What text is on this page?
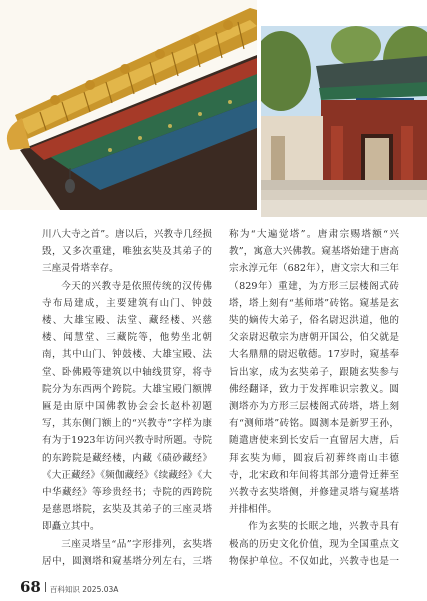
川八大寺之首”。唐以后，兴教寺几经损毁，又多次重建，唯独玄奘及其弟子的三座灵骨塔幸存。

今天的兴教寺是依照传统的汉传佛寺布局建成，主要建筑有山门、钟鼓楼、大雄宝殿、法堂、藏经楼、兴慈楼、闻慧堂、三藏院等，他势坐北朝南，其中山门、钟鼓楼、大雄宝殿、法堂、卧佛殿等建筑以中轴线贯穿，将寺院分为东西两个跨院。大雄宝殿门额牌匾是由原中国佛教协会会长赵朴初题写，其东侧门额上的“兴教寺”字样为康有为于1923年访问兴教寺时所题。寺院的东跨院是藏经楼，内藏《碛砂藏经》《大正藏经》《频伽藏经》《续藏经》《大中华藏经》等珍贵经书；寺院的西跨院是慈恩塔院，玄奘及其弟子的三座灵塔即矗立其中。

三座灵塔呈“品”字形排列，玄奘塔居中，圆测塔和窥基塔分列左右，三塔

称为“大遍觉塔”。唐肃宗赐塔额“兴教”，寓意大兴佛教。窥基塔始建于唐高宗永淳元年（682年），唐文宗大和三年（829年）重建，为方形三层楼阁式砖塔，塔上刻有“基师塔”砖铭。窥基是玄奘的嫡传大弟子，俗名尉迟洪道，他的父亲尉迟敬宗为唐朝开国公，伯父就是大名鼎鼎的尉迟敬德。17岁时，窥基奉旨出家，成为玄奘弟子，跟随玄奘参与佛经翻译，致力于发挥唯识宗教义。圆测塔亦为方形三层楼阁式砖塔，塔上刻有“测师塔”砖铭。圆测本是新罗王孙，随遣唐使来到长安后一直留居大唐，后拜玄奘为师，圆寂后初葬终南山丰德寺，北宋政和年间将其部分遗骨迁葬至兴教寺玄奘塔侧，并修建灵塔与窥基塔并排相伴。

作为玄奘的长眠之地，兴教寺具有极高的历史文化价值，现为全国重点文物保护单位。不仅如此，兴教寺也是一

68 百科知识 2025.03A
